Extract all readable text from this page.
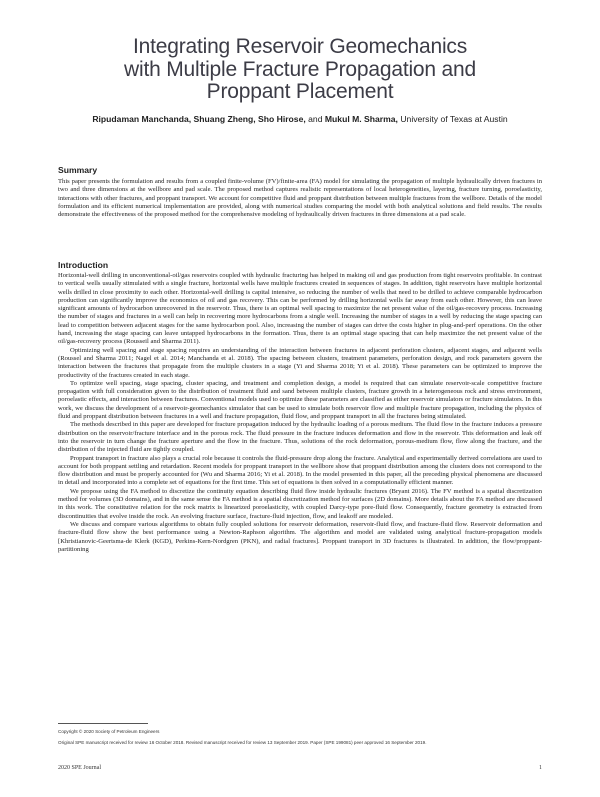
Integrating Reservoir Geomechanics
with Multiple Fracture Propagation and
Proppant Placement
Ripudaman Manchanda, Shuang Zheng, Sho Hirose, and Mukul M. Sharma, University of Texas at Austin
Summary

This paper presents the formulation and results from a coupled finite-volume (FV)/finite-area (FA) model for simulating the propagation of multiple hydraulically driven fractures in two and three dimensions at the wellbore and pad scale. The proposed method captures realistic representations of local heterogeneities, layering, fracture turning, poroelasticity, interactions with other fractures, and proppant transport. We account for competitive fluid and proppant distribution between multiple fractures from the wellbore. Details of the model formulation and its efficient numerical implementation are provided, along with numerical studies comparing the model with both analytical solutions and field results. The results demonstrate the effectiveness of the proposed method for the comprehensive modeling of hydraulically driven fractures in three dimensions at a pad scale.

Introduction

Horizontal-well drilling in unconventional-oil/gas reservoirs coupled with hydraulic fracturing has helped in making oil and gas production from tight reservoirs profitable. In contrast to vertical wells usually stimulated with a single fracture, horizontal wells have multiple fractures created in sequences of stages. In addition, tight reservoirs have multiple horizontal wells drilled in close proximity to each other. Horizontal-well drilling is capital intensive, so reducing the number of wells that need to be drilled to achieve comparable hydrocarbon production can significantly improve the economics of oil and gas recovery. This can be performed by drilling horizontal wells far away from each other. However, this can leave significant amounts of hydrocarbon unrecovered in the reservoir. Thus, there is an optimal well spacing to maximize the net present value of the oil/gas-recovery process. Increasing the number of stages and fractures in a well can help in recovering more hydrocarbons from a single well. Increasing the number of stages in a well by reducing the stage spacing can lead to competition between adjacent stages for the same hydrocarbon pool. Also, increasing the number of stages can drive the costs higher in plug-and-perf operations. On the other hand, increasing the stage spacing can leave untapped hydrocarbons in the formation. Thus, there is an optimal stage spacing that can help maximize the net present value of the oil/gas-recovery process (Rousseil and Sharma 2011).

Optimizing well spacing and stage spacing requires an understanding of the interaction between fractures in adjacent perforation clusters, adjacent stages, and adjacent wells (Roussel and Sharma 2011; Nagel et al. 2014; Manchanda et al. 2018). The spacing between clusters, treatment parameters, perforation design, and rock parameters govern the interaction between the fractures that propagate from the multiple clusters in a stage (Yi and Sharma 2018; Yi et al. 2018). These parameters can be optimized to improve the productivity of the fractures created in each stage.

To optimize well spacing, stage spacing, cluster spacing, and treatment and completion design, a model is required that can simulate reservoir-scale competitive fracture propagation with full consideration given to the distribution of treatment fluid and sand between multiple clusters, fracture growth in a heterogeneous rock and stress environment, poroelastic effects, and interaction between fractures. Conventional models used to optimize these parameters are classified as either reservoir simulators or fracture simulators. In this work, we discuss the development of a reservoir-geomechanics simulator that can be used to simulate both reservoir flow and multiple fracture propagation, including the physics of fluid and proppant distribution between fractures in a well and fracture propagation, fluid flow, and proppant transport in all the fractures being stimulated.

The methods described in this paper are developed for fracture propagation induced by the hydraulic loading of a porous medium. The fluid flow in the fracture induces a pressure distribution on the reservoir/fracture interface and in the porous rock. The fluid pressure in the fracture induces deformation and flow in the reservoir. This deformation and leak off into the reservoir in turn change the fracture aperture and the flow in the fracture. Thus, solutions of the rock deformation, porous-medium flow, flow along the fracture, and the distribution of the injected fluid are tightly coupled.

Proppant transport in fracture also plays a crucial role because it controls the fluid-pressure drop along the fracture. Analytical and experimentally derived correlations are used to account for both proppant settling and retardation. Recent models for proppant transport in the wellbore show that proppant distribution among the clusters does not correspond to the flow distribution and must be properly accounted for (Wu and Sharma 2016; Yi et al. 2018). In the model presented in this paper, all the preceding physical phenomena are discussed in detail and incorporated into a complete set of equations for the first time. This set of equations is then solved in a computationally efficient manner.

We propose using the FA method to discretize the continuity equation describing fluid flow inside hydraulic fractures (Bryant 2016). The FV method is a spatial discretization method for volumes (3D domains), and in the same sense the FA method is a spatial discretization method for surfaces (2D domains). More details about the FA method are discussed in this work. The constitutive relation for the rock matrix is linearized poroelasticity, with coupled Darcy-type pore-fluid flow. Consequently, fracture geometry is extracted from discontinuities that evolve inside the rock. An evolving fracture surface, fracture-fluid injection, flow, and leakoff are modeled.

We discuss and compare various algorithms to obtain fully coupled solutions for reservoir deformation, reservoir-fluid flow, and fracture-fluid flow. Reservoir deformation and fracture-fluid flow show the best performance using a Newton-Raphson algorithm. The algorithm and model are validated using analytical fracture-propagation models [Khristianovic-Geertsma-de Klerk (KGD), Perkins-Kern-Nordgren (PKN), and radial fractures]. Proppant transport in 3D fractures is illustrated. In addition, the flow/proppant-partitioning

Copyright © 2020 Society of Petroleum Engineers
Original SPE manuscript received for review 16 October 2018. Revised manuscript received for review 13 September 2019. Paper (SPE 199081) peer approved 16 September 2019.
2020 SPE Journal	1
